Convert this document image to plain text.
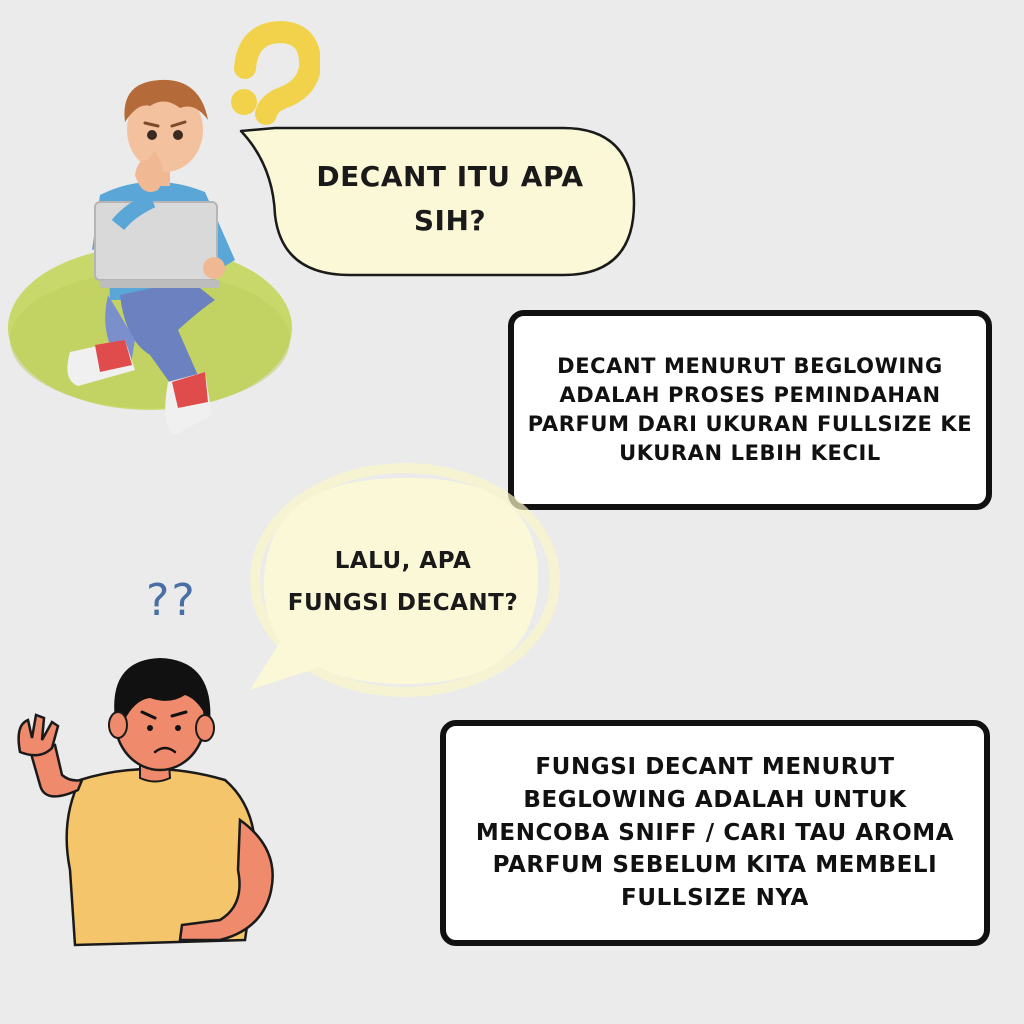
DECANT ITU APA
SIH?
DECANT MENURUT BEGLOWING
ADALAH PROSES PEMINDAHAN
PARFUM DARI UKURAN FULLSIZE KE
UKURAN LEBIH KECIL
LALU, APA
FUNGSI DECANT?
??
FUNGSI DECANT MENURUT
BEGLOWING ADALAH UNTUK
MENCOBA SNIFF / CARI TAU AROMA
PARFUM SEBELUM KITA MEMBELI
FULLSIZE NYA
